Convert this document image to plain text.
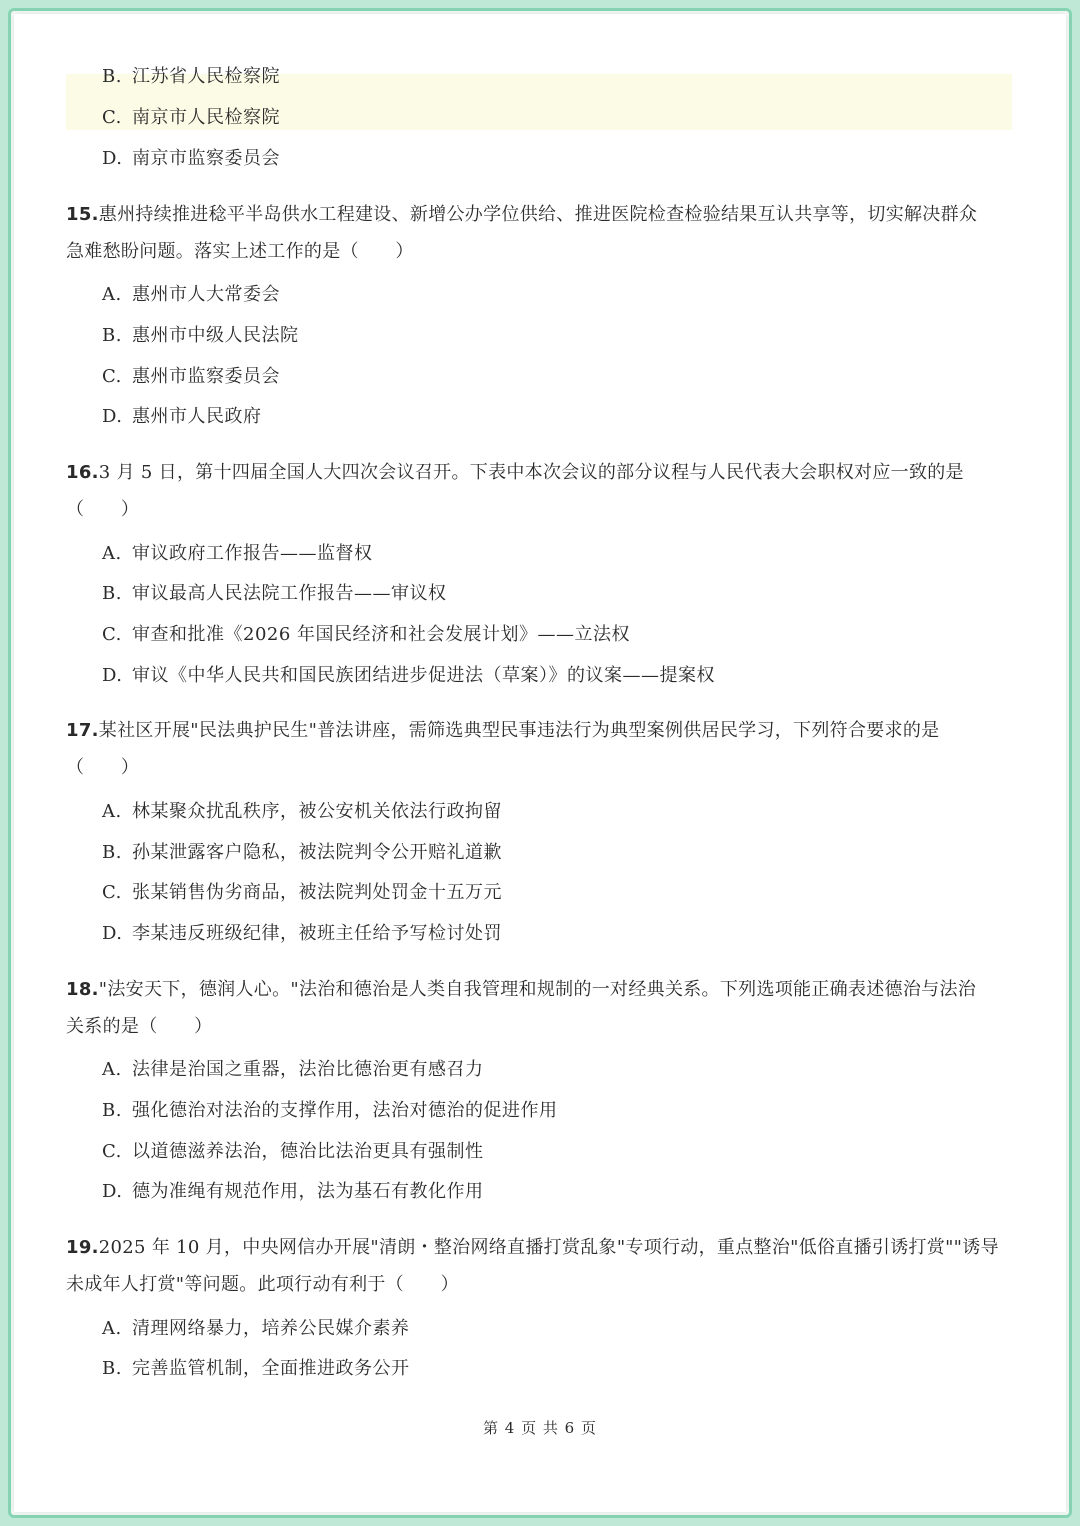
B. 江苏省人民检察院
C. 南京市人民检察院
D. 南京市监察委员会
15.惠州持续推进稔平半岛供水工程建设、新增公办学位供给、推进医院检查检验结果互认共享等，切实解决群众
急难愁盼问题。落实上述工作的是（　　）
A. 惠州市人大常委会
B. 惠州市中级人民法院
C. 惠州市监察委员会
D. 惠州市人民政府
16.3 月 5 日，第十四届全国人大四次会议召开。下表中本次会议的部分议程与人民代表大会职权对应一致的是
（　　）
A. 审议政府工作报告——监督权
B. 审议最高人民法院工作报告——审议权
C. 审查和批准《2026 年国民经济和社会发展计划》——立法权
D. 审议《中华人民共和国民族团结进步促进法（草案）》的议案——提案权
17.某社区开展"民法典护民生"普法讲座，需筛选典型民事违法行为典型案例供居民学习，下列符合要求的是
（　　）
A. 林某聚众扰乱秩序，被公安机关依法行政拘留
B. 孙某泄露客户隐私，被法院判令公开赔礼道歉
C. 张某销售伪劣商品，被法院判处罚金十五万元
D. 李某违反班级纪律，被班主任给予写检讨处罚
18."法安天下，德润人心。"法治和德治是人类自我管理和规制的一对经典关系。下列选项能正确表述德治与法治
关系的是（　　）
A. 法律是治国之重器，法治比德治更有感召力
B. 强化德治对法治的支撑作用，法治对德治的促进作用
C. 以道德滋养法治，德治比法治更具有强制性
D. 德为准绳有规范作用，法为基石有教化作用
19.2025 年 10 月，中央网信办开展"清朗・整治网络直播打赏乱象"专项行动，重点整治"低俗直播引诱打赏""诱导
未成年人打赏"等问题。此项行动有利于（　　）
A. 清理网络暴力，培养公民媒介素养
B. 完善监管机制，全面推进政务公开
第 4 页 共 6 页
